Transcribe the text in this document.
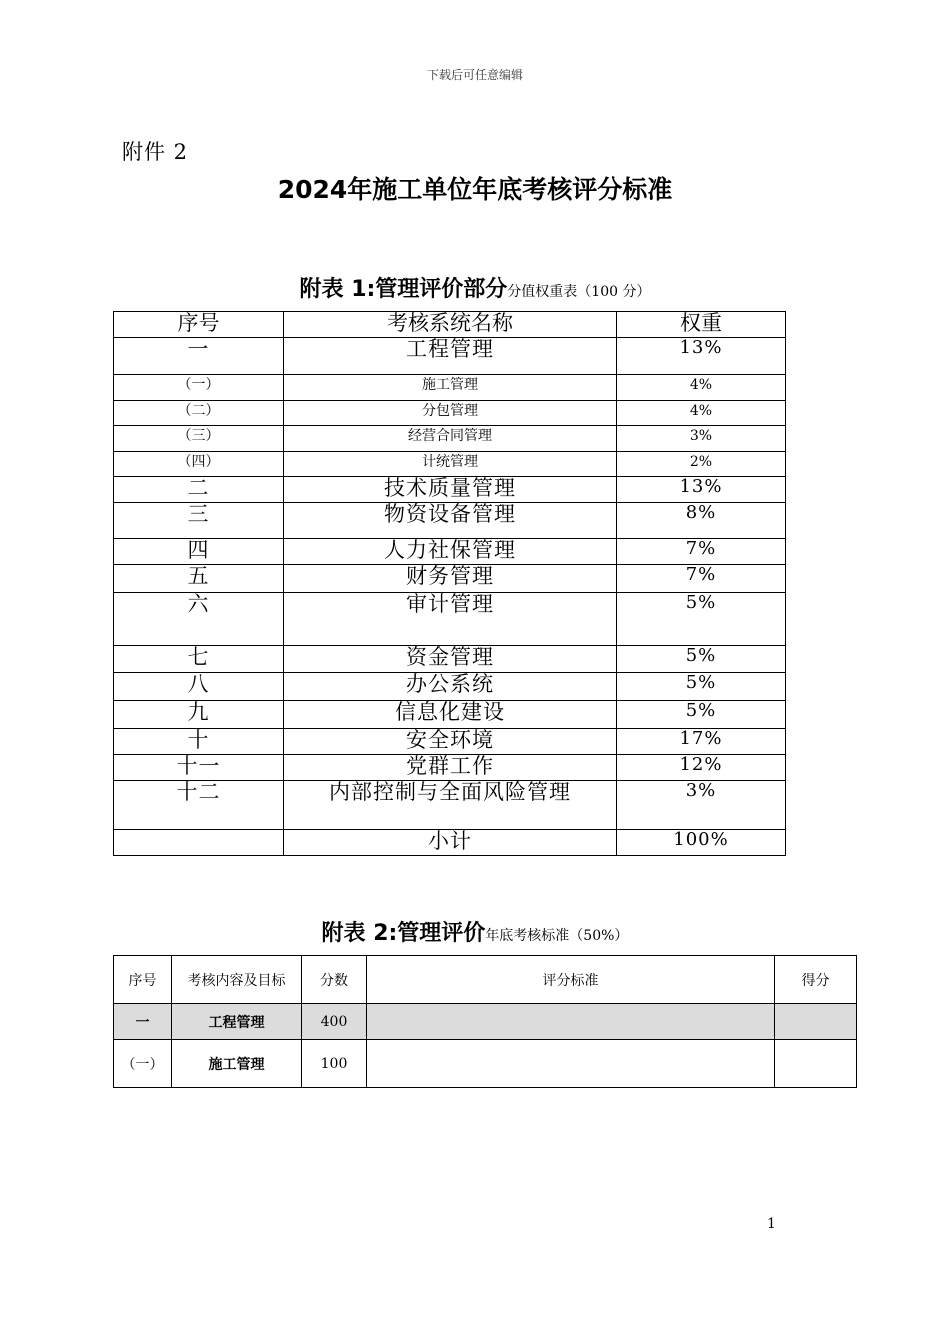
下载后可任意编辑
附件 2
2024年施工单位年底考核评分标准
附表 1:管理评价部分分值权重表（100 分）
序号	考核系统名称	权重
一	工程管理	13%
（一）	施工管理	4%
（二）	分包管理	4%
（三）	经营合同管理	3%
（四）	计统管理	2%
二	技术质量管理	13%
三	物资设备管理	8%
四	人力社保管理	7%
五	财务管理	7%
六	审计管理	5%
七	资金管理	5%
八	办公系统	5%
九	信息化建设	5%
十	安全环境	17%
十一	党群工作	12%
十二	内部控制与全面风险管理	3%
	小计	100%
附表 2:管理评价年底考核标准（50%）
序号	考核内容及目标	分数	评分标准	得分
一	工程管理	400		
（一）	施工管理	100		
1
